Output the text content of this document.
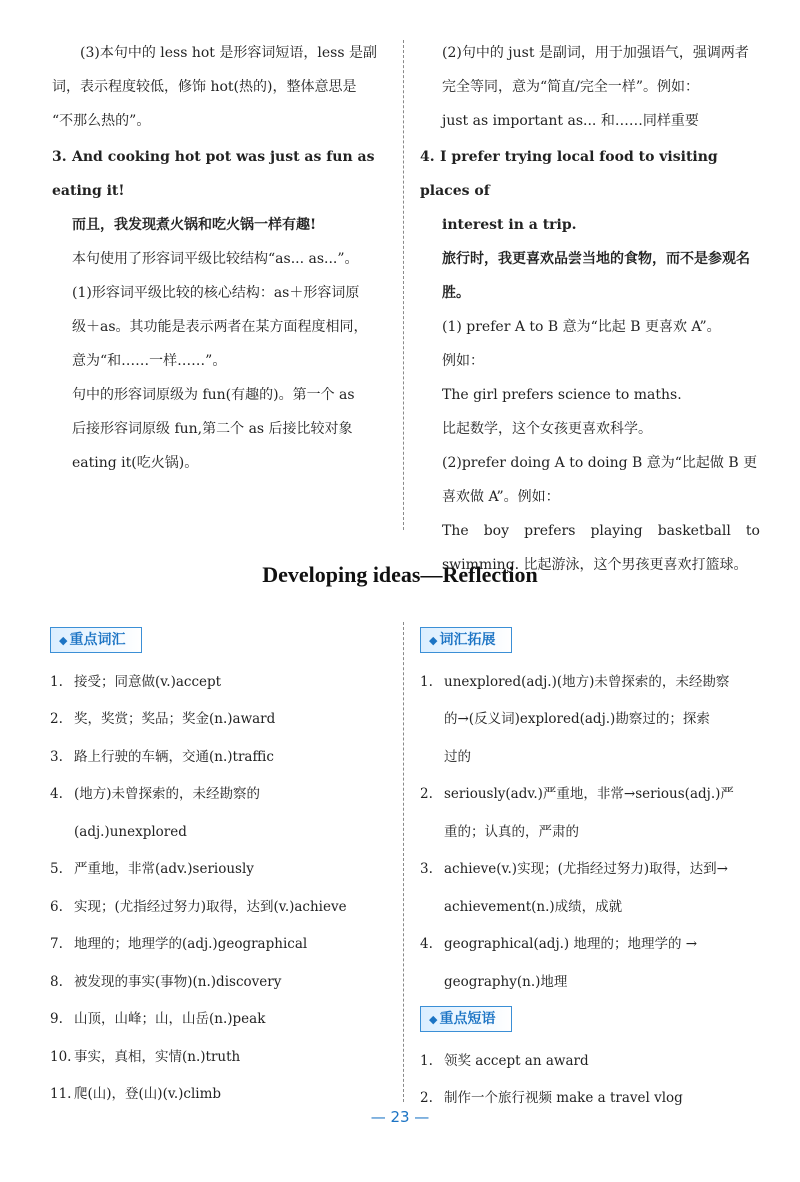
(3)本句中的 less hot 是形容词短语，less 是副

词，表示程度较低，修饰 hot(热的)，整体意思是

“不那么热的”。

3. And cooking hot pot was just as fun as eating it!

而且，我发现煮火锅和吃火锅一样有趣!

本句使用了形容词平级比较结构“as... as...”。

(1)形容词平级比较的核心结构：as＋形容词原

级＋as。其功能是表示两者在某方面程度相同，

意为“和……一样……”。

句中的形容词原级为 fun(有趣的)。第一个 as

后接形容词原级 fun,第二个 as 后接比较对象

eating it(吃火锅)。

(2)句中的 just 是副词，用于加强语气，强调两者

完全等同，意为“简直/完全一样”。例如：

just as important as... 和……同样重要

4. I prefer trying local food to visiting places of

interest in a trip.

旅行时，我更喜欢品尝当地的食物，而不是参观名胜。

(1) prefer A to B 意为“比起 B 更喜欢 A”。

例如：

The girl prefers science to maths.

比起数学，这个女孩更喜欢科学。

(2)prefer doing A to doing B 意为“比起做 B 更

喜欢做 A”。例如：

The boy prefers playing basketball to

swimming. 比起游泳，这个男孩更喜欢打篮球。

Developing ideas—Reflection
◆ 重点词汇

1. 接受；同意做(v.)accept

2. 奖，奖赏；奖品；奖金(n.)award

3. 路上行驶的车辆，交通(n.)traffic

4. (地方)未曾探索的，未经勘察的

(adj.)unexplored

5. 严重地，非常(adv.)seriously

6. 实现；(尤指经过努力)取得，达到(v.)achieve

7. 地理的；地理学的(adj.)geographical

8. 被发现的事实(事物)(n.)discovery

9. 山顶，山峰；山，山岳(n.)peak

10. 事实，真相，实情(n.)truth

11. 爬(山)，登(山)(v.)climb

◆ 词汇拓展

1. unexplored(adj.)(地方)未曾探索的，未经勘察

的→(反义词)explored(adj.)勘察过的；探索

过的

2. seriously(adv.)严重地，非常→serious(adj.)严

重的；认真的，严肃的

3. achieve(v.)实现；(尤指经过努力)取得，达到→

achievement(n.)成绩，成就

4. geographical(adj.) 地理的；地理学的 →

geography(n.)地理

◆ 重点短语

1. 领奖 accept an award

2. 制作一个旅行视频 make a travel vlog

— 23 —
